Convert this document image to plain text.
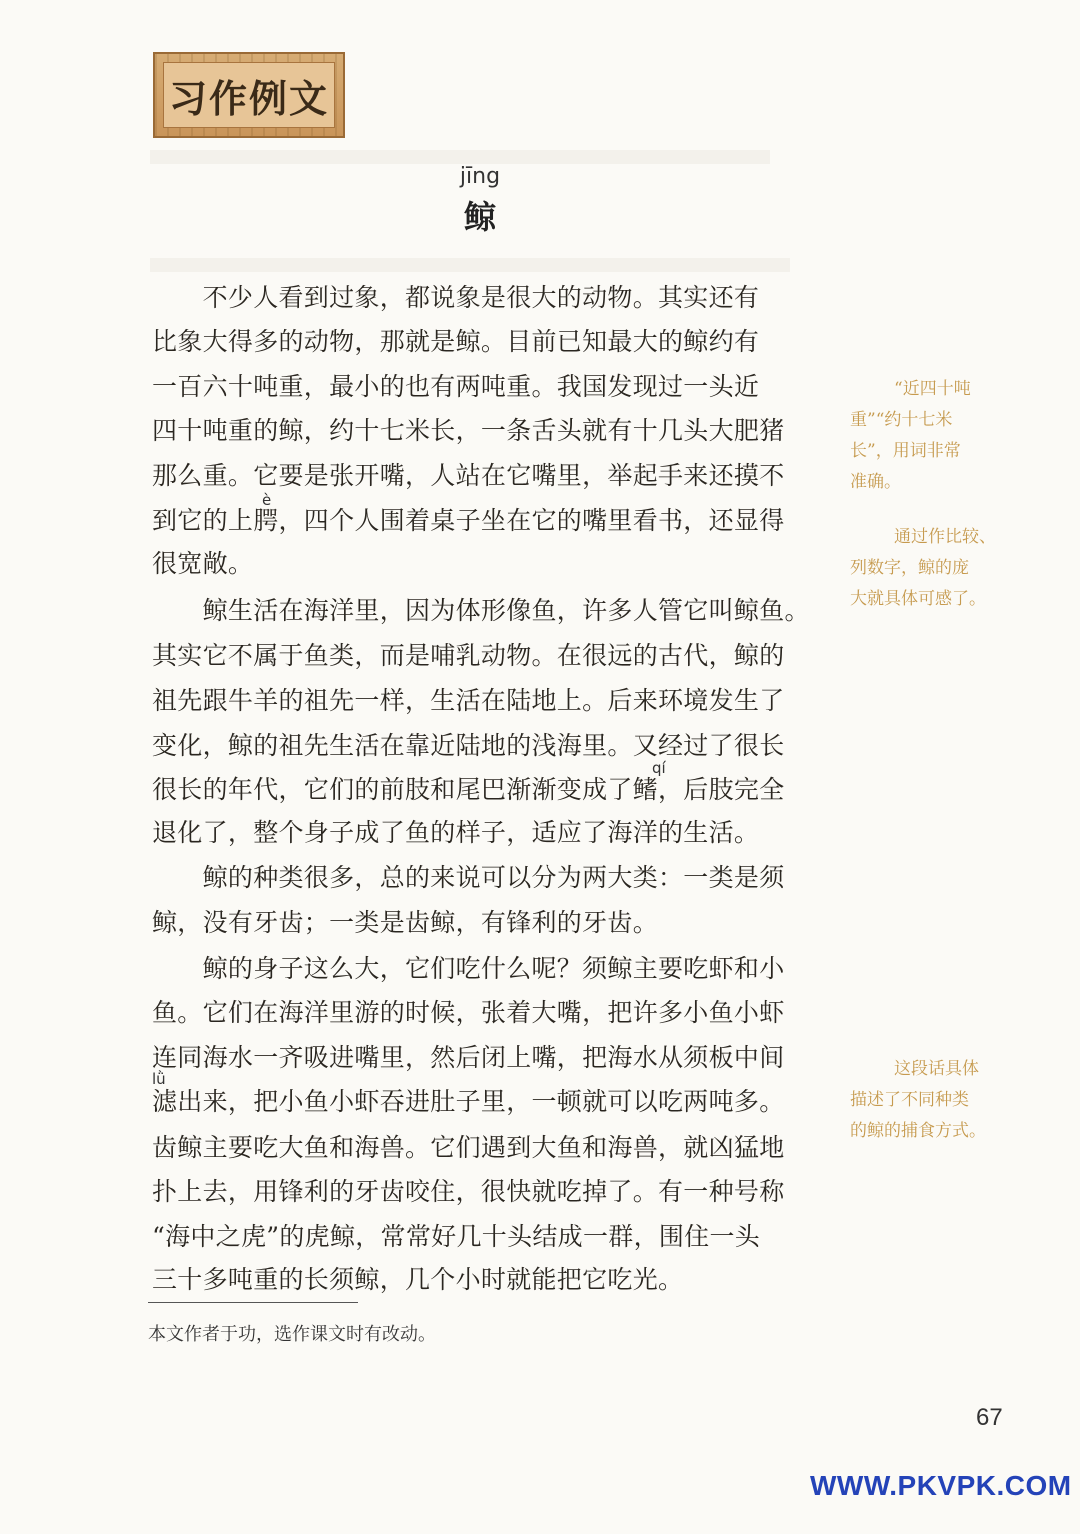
习作例文
jīng
鲸
　　不少人看到过象，都说象是很大的动物。其实还有
比象大得多的动物，那就是鲸。目前已知最大的鲸约有
一百六十吨重，最小的也有两吨重。我国发现过一头近
四十吨重的鲸，约十七米长，一条舌头就有十几头大肥猪
那么重。它要是张开嘴，人站在它嘴里，举起手来还摸不
è
到它的上腭，四个人围着桌子坐在它的嘴里看书，还显得
很宽敞。
　　鲸生活在海洋里，因为体形像鱼，许多人管它叫鲸鱼。
其实它不属于鱼类，而是哺乳动物。在很远的古代，鲸的
祖先跟牛羊的祖先一样，生活在陆地上。后来环境发生了
变化，鲸的祖先生活在靠近陆地的浅海里。又经过了很长
qí
很长的年代，它们的前肢和尾巴渐渐变成了鳍，后肢完全
退化了，整个身子成了鱼的样子，适应了海洋的生活。
　　鲸的种类很多，总的来说可以分为两大类：一类是须
鲸，没有牙齿；一类是齿鲸，有锋利的牙齿。
　　鲸的身子这么大，它们吃什么呢？须鲸主要吃虾和小
鱼。它们在海洋里游的时候，张着大嘴，把许多小鱼小虾
连同海水一齐吸进嘴里，然后闭上嘴，把海水从须板中间
lǜ
滤出来，把小鱼小虾吞进肚子里，一顿就可以吃两吨多。
齿鲸主要吃大鱼和海兽。它们遇到大鱼和海兽，就凶猛地
扑上去，用锋利的牙齿咬住，很快就吃掉了。有一种号称
“海中之虎”的虎鲸，常常好几十头结成一群，围住一头
三十多吨重的长须鲸，几个小时就能把它吃光。
“近四十吨
重”“约十七米
长”，用词非常
准确。
通过作比较、
列数字，鲸的庞
大就具体可感了。
这段话具体
描述了不同种类
的鲸的捕食方式。
本文作者于功，选作课文时有改动。
67
WWW.PKVPK.COM
